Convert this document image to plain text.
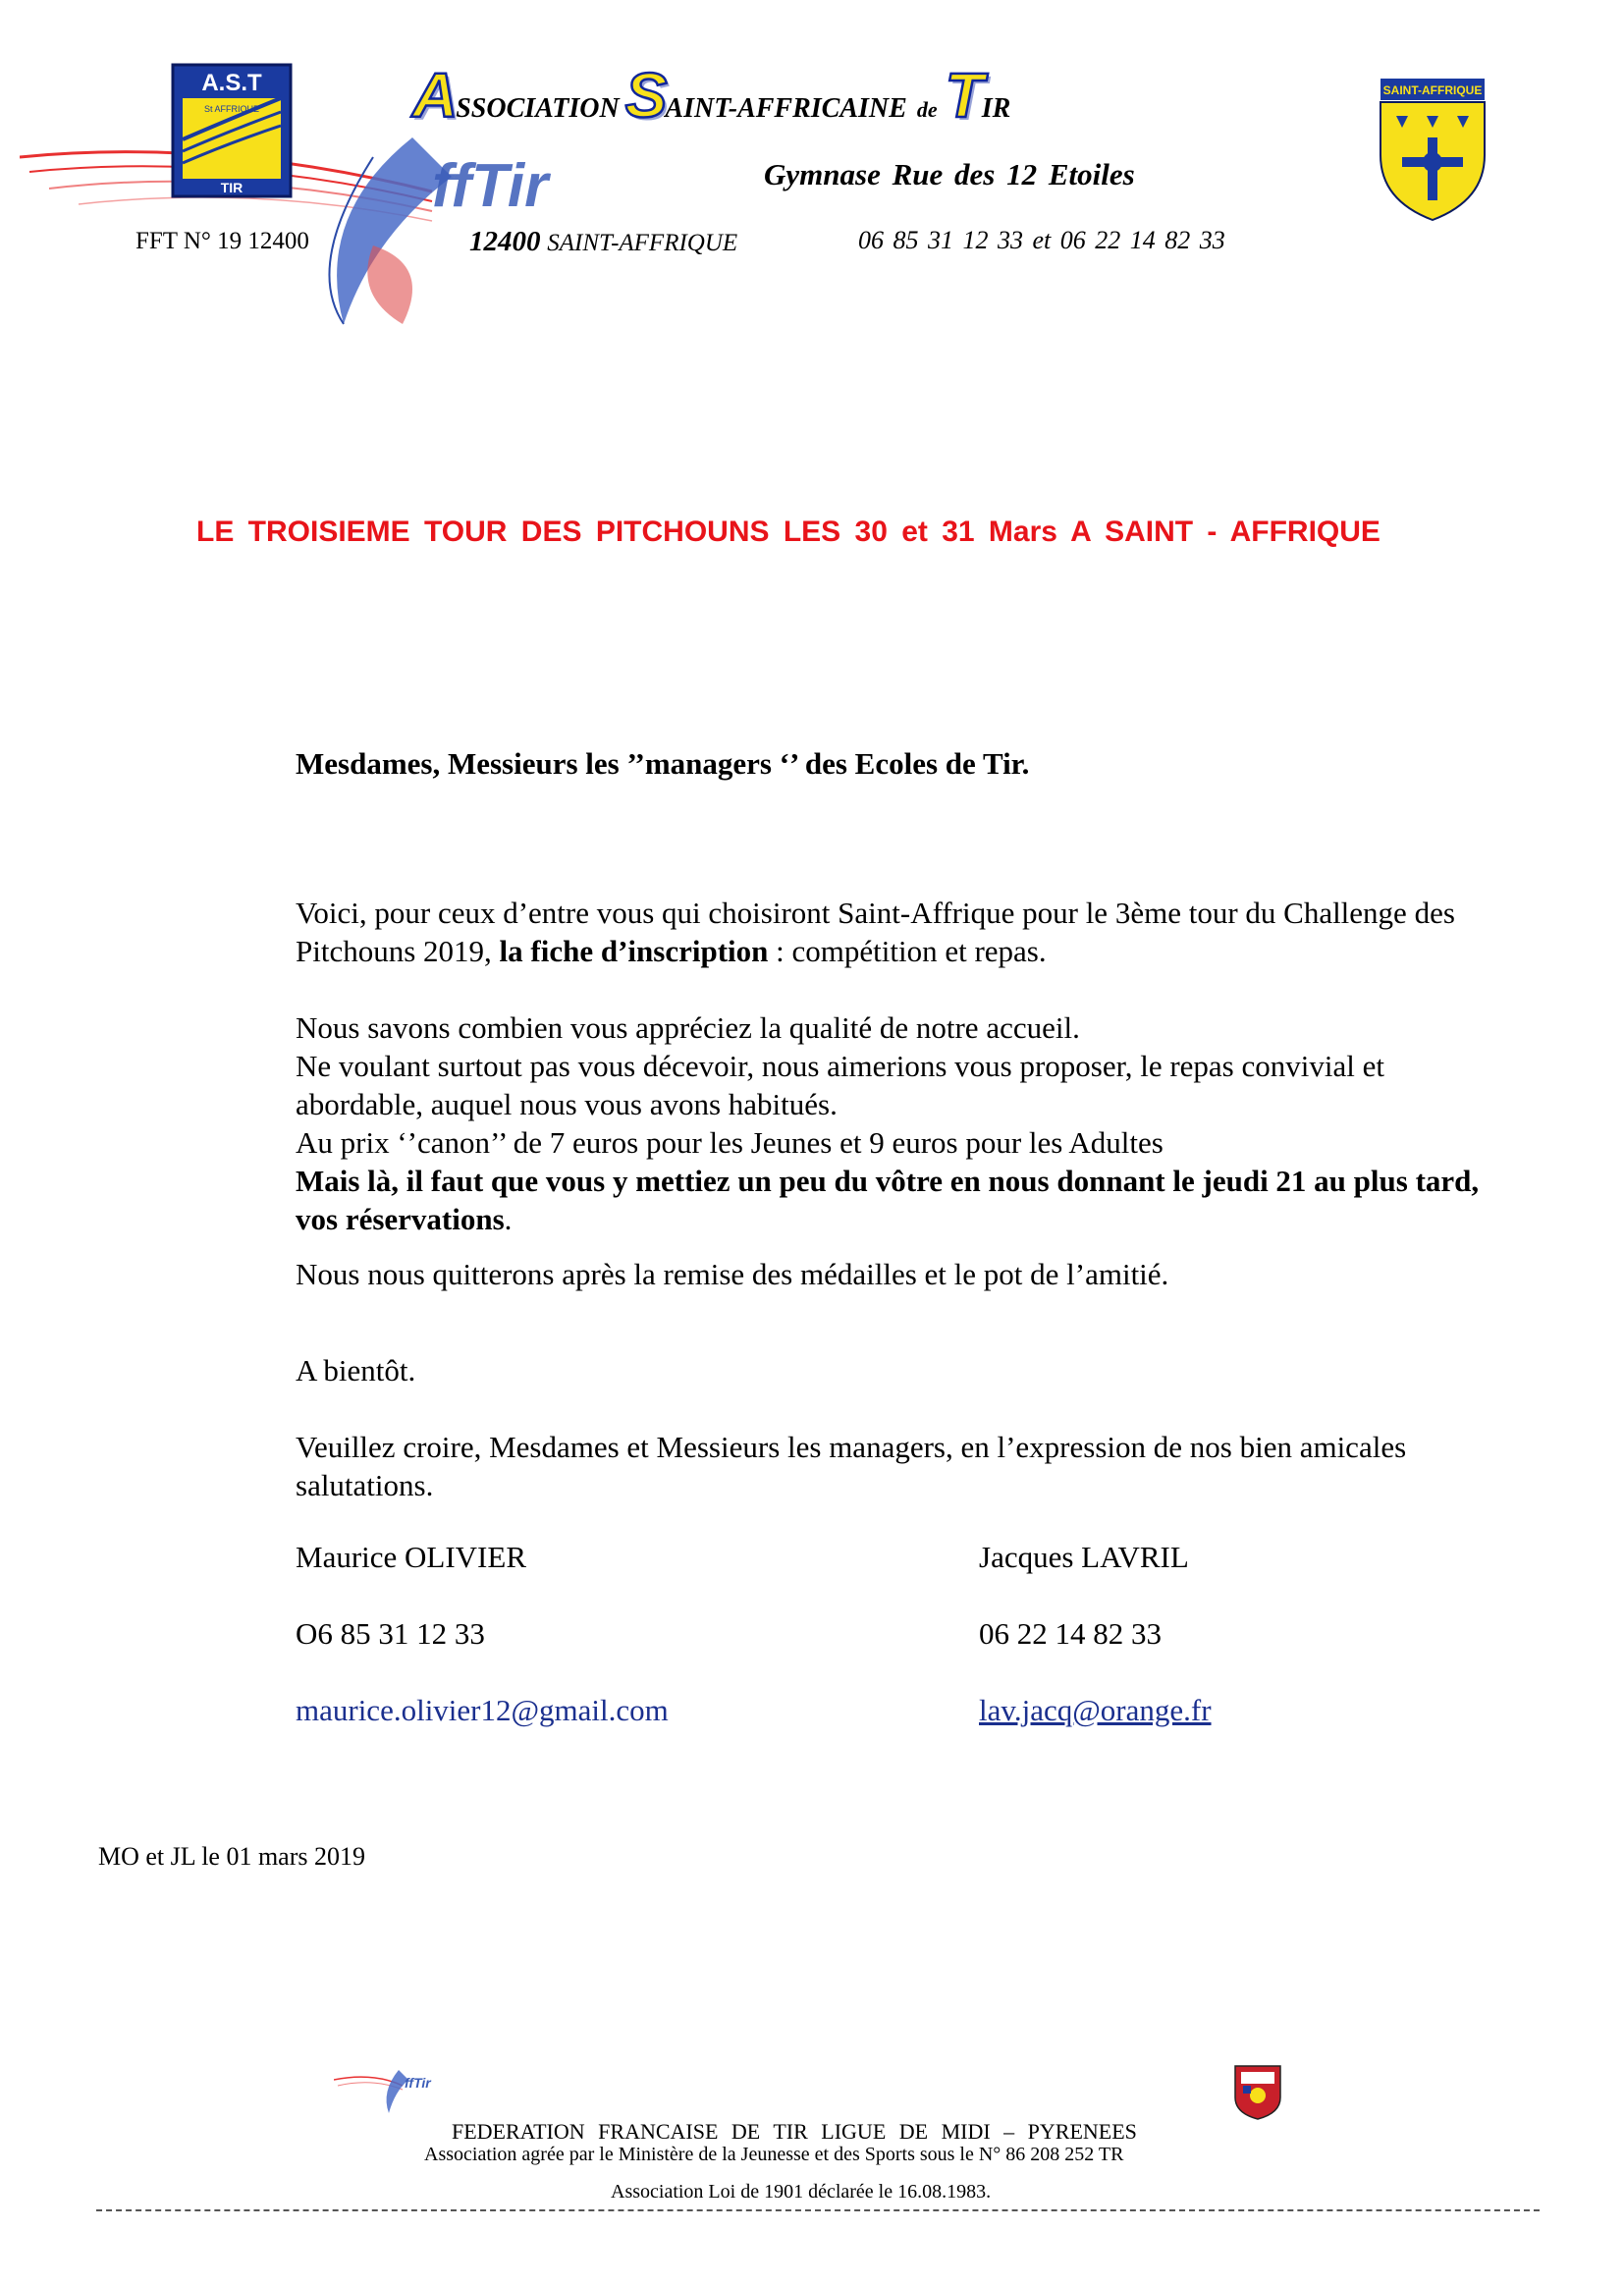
ffTir
A.S.T
St AFFRIQUE
TIR
ASSOCIATIONSAINT-AFFRICAINE de TIR
SAINT-AFFRIQUE
Gymnase Rue des 12 Etoiles
FFT N° 19 12400	12400 SAINT-AFFRIQUE	06 85 31 12 33 et 06 22 14 82 33
LE TROISIEME TOUR DES PITCHOUNS LES 30 et 31 Mars A SAINT - AFFRIQUE
Mesdames, Messieurs les ’’managers ‘’ des Ecoles de Tir.

Voici, pour ceux d’entre vous qui choisiront Saint-Affrique pour le 3ème tour du Challenge des Pitchouns 2019, la fiche d’inscription : compétition et repas.

Nous savons combien vous appréciez la qualité de notre accueil.
Ne voulant surtout pas vous décevoir, nous aimerions vous proposer, le repas convivial et abordable, auquel nous vous avons habitués.
Au prix ‘’canon’’ de 7 euros pour les Jeunes et 9 euros pour les Adultes
Mais là, il faut que vous y mettiez un peu du vôtre en nous donnant le jeudi 21 au plus tard, vos réservations.
Nous nous quitterons après la remise des médailles et le pot de l’amitié.
A bientôt.
Veuillez croire, Mesdames et Messieurs les managers, en l’expression de nos bien amicales salutations.
Maurice OLIVIER	Jacques LAVRIL
O6 85 31 12 33	06 22 14 82 33
maurice.olivier12@gmail.com	lav.jacq@orange.fr
MO et JL le 01 mars 2019
ffTir
FEDERATION FRANCAISE DE TIR LIGUE DE MIDI – PYRENEES
Association agrée par le Ministère de la Jeunesse et des Sports sous le N° 86 208 252 TR
Association Loi de 1901 déclarée le 16.08.1983.
